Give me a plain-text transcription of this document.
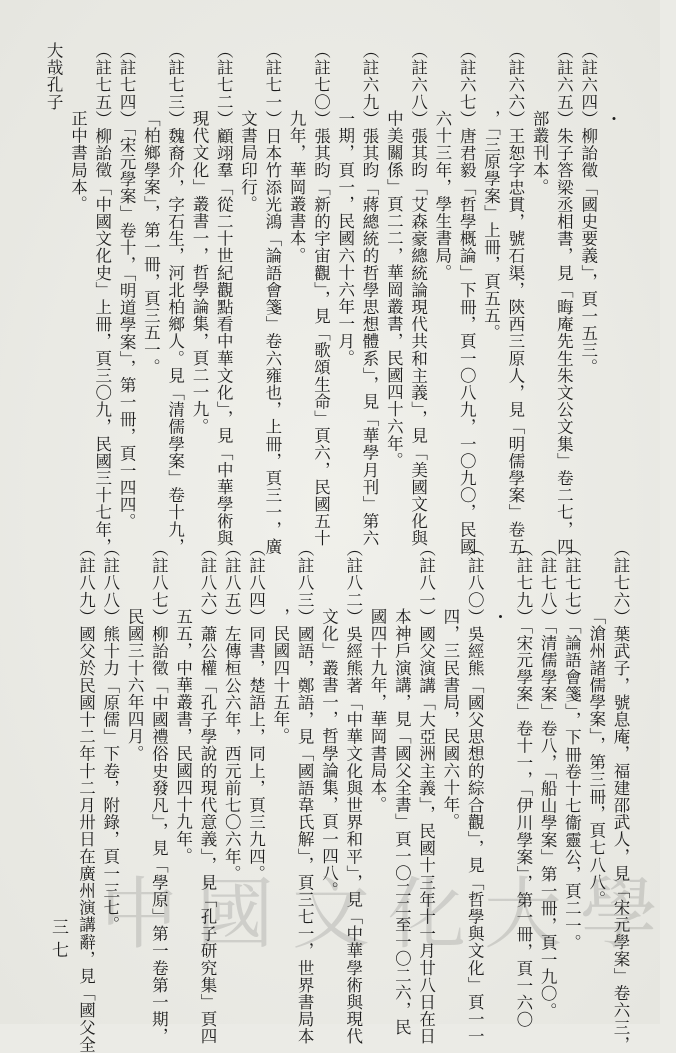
・
（註六四）柳詒徵「國史要義」，頁一五三。
（註六五）朱子答梁丞相書，見「晦庵先生朱文公文集」卷二七，四
部叢刊本。
（註六六）王恕字忠貫，號石渠，陝西三原人，見「明儒學案」卷五
，「三原學案」上冊，頁五五。
（註六七）唐君毅「哲學概論」下冊，頁一〇八九，一〇九〇，民國
六十三年，學生書局。
（註六八）張其昀「艾森豪總統論現代共和主義」，見「美國文化與
中美關係」頁二二，華岡叢書，民國四十六年。
（註六九）張其昀「蔣總統的哲學思想體系」，見「華學月刊」第六
一期，頁一，民國六十六年一月。
（註七〇）張其昀「新的宇宙觀」，見「歌頌生命」頁六，民國五十
九年，華岡叢書本。
（註七一）日本竹添光鴻「論語會箋」卷六雍也，上冊，頁三一，廣
文書局印行。
（註七二）顧翊羣「從二十世紀觀點看中華文化」，見「中華學術與
現代文化」叢書一，哲學論集，頁二一九。
（註七三）魏裔介，字石生，河北柏鄉人。見「清儒學案」卷十九，
「柏鄉學案」，第一冊，頁三五一。
（註七四）「宋元學案」卷十，「明道學案」，第一冊，頁一四四。
（註七五）柳詒徵「中國文化史」上冊，頁三〇九，民國三十七年，
正中書局本。
大哉孔子
（註七六）葉武子，號息庵，福建邵武人，見「宋元學案」卷六三，
「滄州諸儒學案」，第三冊，頁七八八。
（註七七）「論語會箋」，下冊卷十七衞靈公，頁二一。
（註七八）「清儒學案」卷八，「船山學案」第一冊，頁一九〇。
（註七九）「宋元學案」卷十一，「伊川學案」，第一冊，頁一六〇
・
（註八〇）吳經熊「國父思想的綜合觀」，見「哲學與文化」頁一一
四，三民書局，民國六十年。
（註八一）國父演講「大亞洲主義」，民國十三年十一月廿八日在日
本神戶演講，見「國父全書」頁一〇二二至一〇二六，民
國四十九年，華岡書局本。
（註八二）吳經熊著「中華文化與世界和平」，見「中華學術與現代
文化」叢書一，哲學論集，頁一四八。
（註八三）國語，鄭語，見「國語韋氏解」，頁三七一，世界書局本
，民國四十五年。
（註八四）同書，楚語上，同上，頁三九四。
（註八五）左傳桓公六年，西元前七〇六年。
（註八六）蕭公權「孔子學說的現代意義」，見「孔子研究集」頁四
五五，中華叢書，民國四十九年。
（註八七）柳詒徵「中國禮俗史發凡」，見「學原」第一卷第一期，
民國三十六年四月。
（註八八）熊十力「原儒」下卷，附錄，頁一三七。
（註八九）國父於民國十二年十二月卅日在廣州演講辭，見「國父全
三七 中國文化大學
